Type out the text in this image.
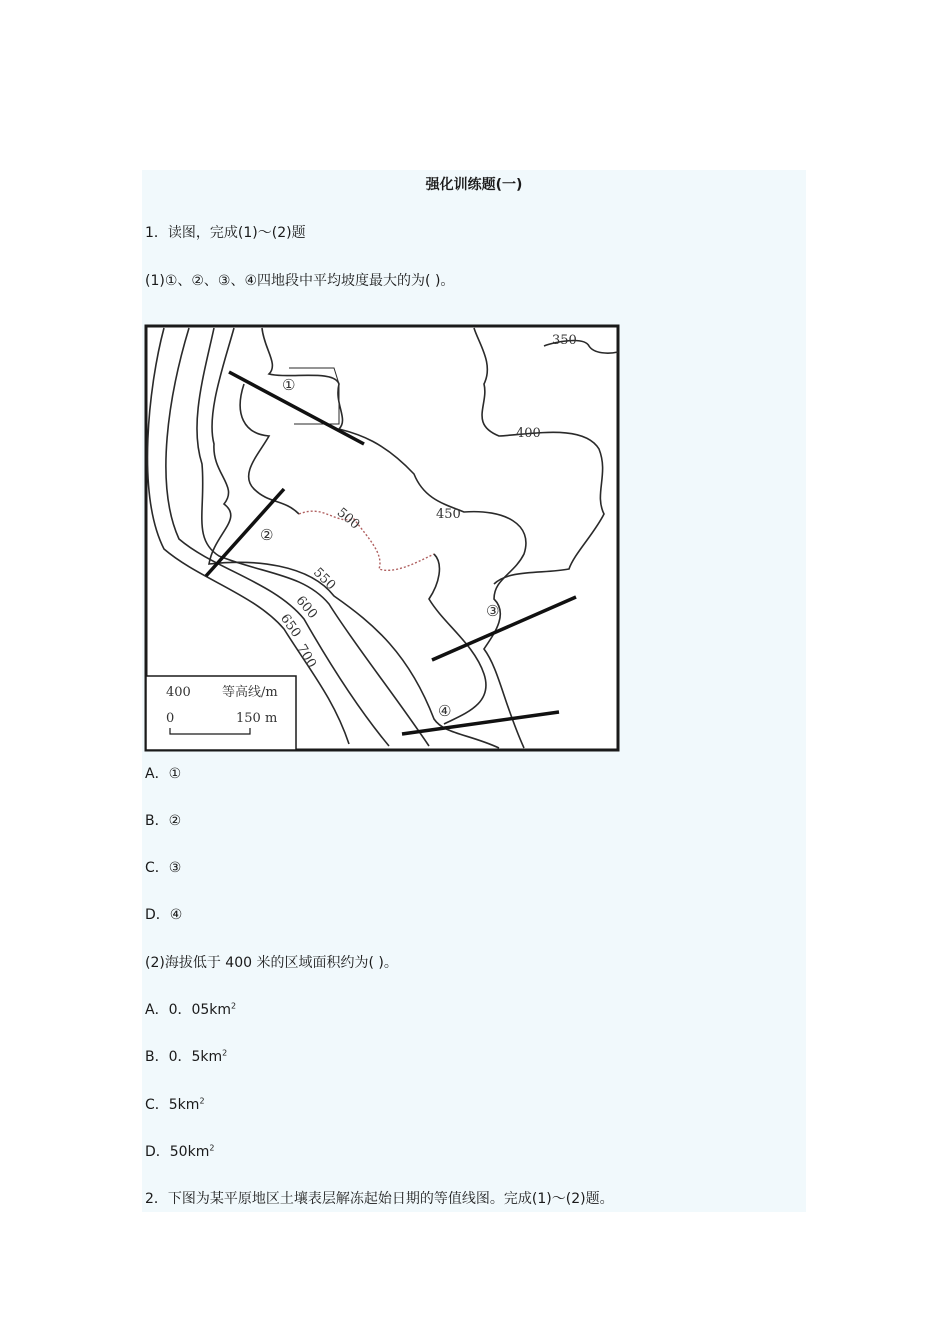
强化训练题(一)
1．读图，完成(1)～(2)题
(1)①、②、③、④四地段中平均坡度最大的为( )。
350
400
450
500
550
600
650
700
①
②
③
④
400 等高线/m
0	150 m
A．①
B．②
C．③
D．④
(2)海拔低于 400 米的区域面积约为( )。
A．0．$05km^2$
B．0．$5km^2$
C．$5km^2$
D．$50km^2$
2．下图为某平原地区土壤表层解冻起始日期的等值线图。完成(1)～(2)题。
